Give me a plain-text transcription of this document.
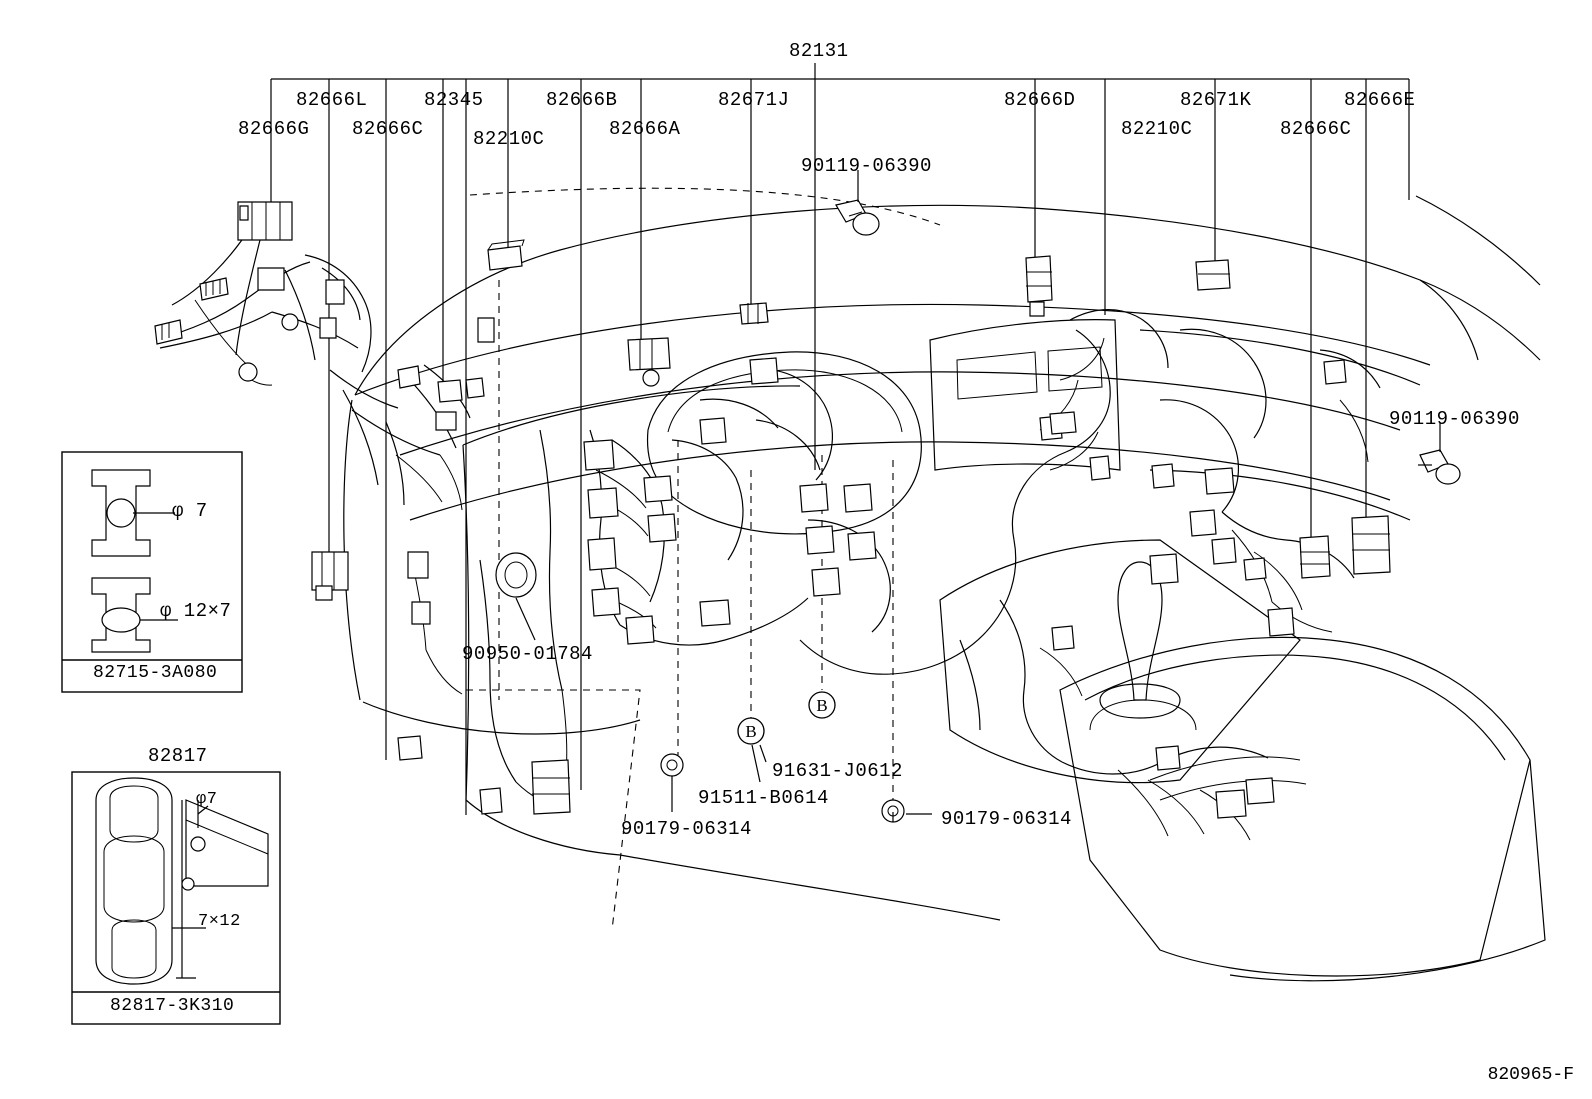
B
B
82131
82666L	82345	82666B	82671J	82666D	82671K	82666E
82666G 82666C	82210C	82666A	82210C	82666C
90119-06390
90119-06390
90950-01784
91631-J0612
91511-B0614
90179-06314	90179-06314
φ 7
φ 12×7
82715-3A080
82817
φ7
7×12
82817-3K310
820965-F
